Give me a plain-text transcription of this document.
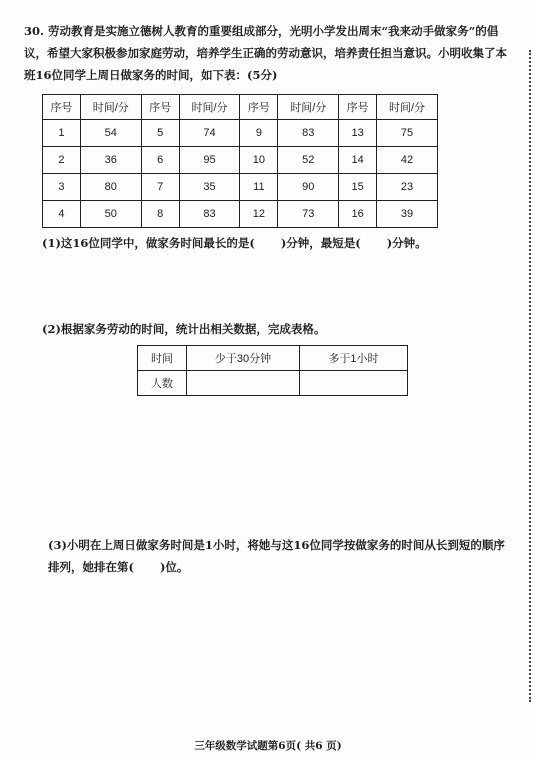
30. 劳动教育是实施立德树人教育的重要组成部分，光明小学发出周末“我来动手做家务”的倡议，希望大家积极参加家庭劳动，培养学生正确的劳动意识，培养责任担当意识。小明收集了本班16位同学上周日做家务的时间，如下表：(5分)
序号	时间/分	序号	时间/分	序号	时间/分	序号	时间/分
1	54	5	74	9	83	13	75
2	36	6	95	10	52	14	42
3	80	7	35	11	90	15	23
4	50	8	83	12	73	16	39
(1)这16位同学中，做家务时间最长的是( )分钟，最短是( )分钟。
(2)根据家务劳动的时间，统计出相关数据，完成表格。
时间	少于30分钟	多于1小时
人数		
(3)小明在上周日做家务时间是1小时，将她与这16位同学按做家务的时间从长到短的顺序排列，她排在第( )位。
三年级数学试题第6页( 共6 页)
